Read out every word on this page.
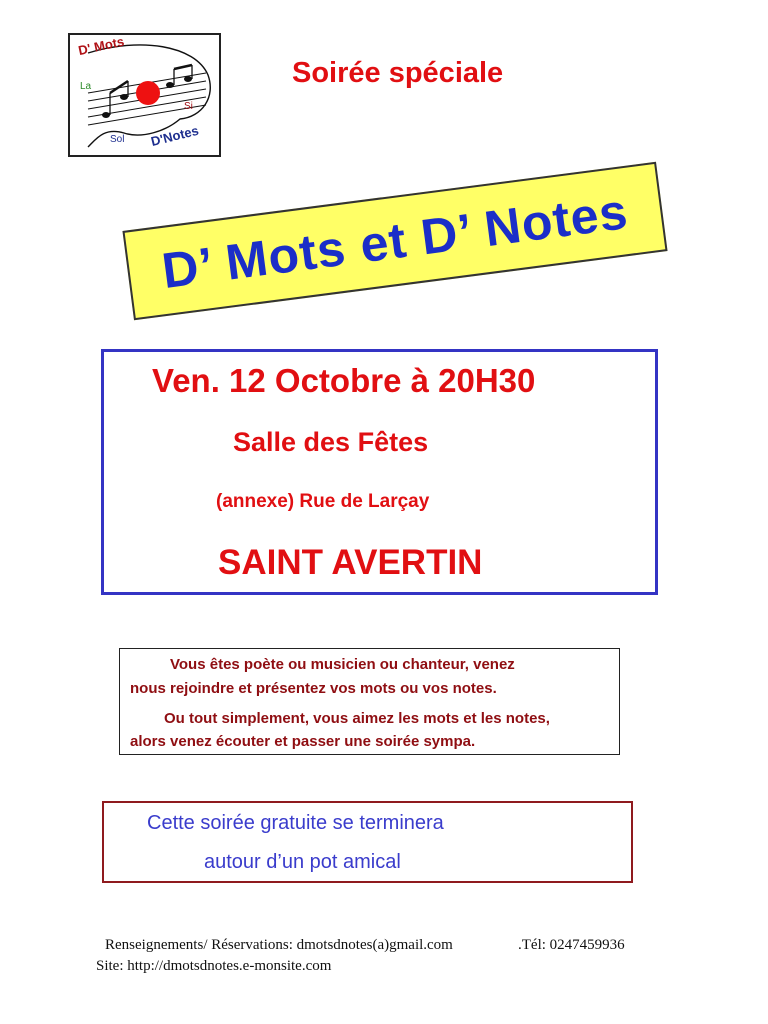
D' Mots
La
Si
Sol D'Notes
Soirée spéciale
D’ Mots et D’ Notes
Ven. 12 Octobre à 20H30
Salle des Fêtes
(annexe) Rue de Larçay
SAINT AVERTIN
Vous êtes poète ou musicien ou chanteur, venez
nous rejoindre et présentez vos mots ou vos notes.
Ou tout simplement, vous aimez les mots et les notes,
alors venez écouter et passer une soirée sympa.
Cette soirée gratuite se terminera
autour d’un pot amical
Renseignements/ Réservations: dmotsdnotes(a)gmail.com	.Tél: 0247459936
Site: http://dmotsdnotes.e-monsite.com
